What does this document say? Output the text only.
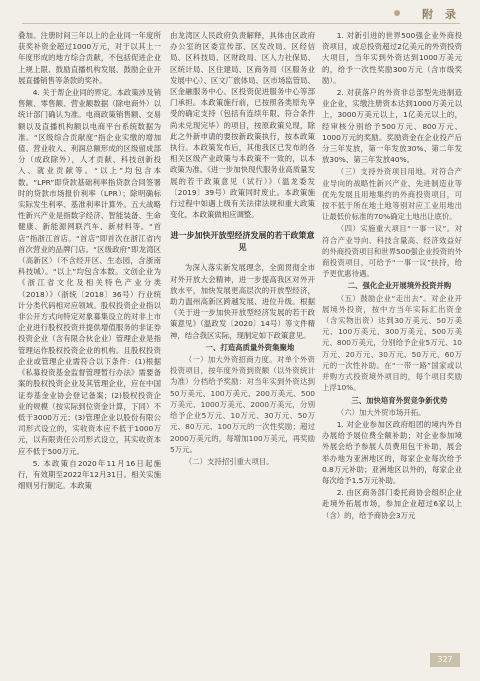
附 录

叠加。注册时间三年以上的企业同一年度所获奖补资金超过1000万元，对于以其上一年度形成的地方综合贡献，不包括促进企业上规上限、鼓励直播机构发展、鼓励企业开展直播销售等条款的奖补。

4. 关于帮企业同的界定。本政策涉及销售额、零售额、营业额数据（除电商外）以统计部门确认为准。电商政策销售额、交易额以及直播机构额以电商平台系统数据为准。“区级综合贡献度”指企业实缴的增加值、营业收入、利润总额形成的区级留成部分（成政除外），人才贡献、科技创新投入、就业贡献等。“以上”均包含本数。“LPR”即贷款基础利率指贷款合同签署时的贷款市场报价利率（LPR）；除明确标实际发生利率、基准利率计算外。五大战略性新兴产业是指数字经济、智能装备、生命健康、新能源网联汽车、新材料等。“首店”指浙江首店。“首店”即首次在浙江省内首次营业的品牌门店。“区级政府”即龙湾区（高新区）（不含经开区、生态园，含浙南科技城）。“以上”均包含本数。文创企业为《浙江省文化及相关特色产业分类（2018）》（浙统〔2018〕36号）行业统计分类代码相对应领域。股权投资企业指以非公开方式向特定对象募集设立的对非上市企业进行股权投资并提供增值服务的非证券投资企业（含有限合伙企业）管理企业是指管理运作股权投资企业的机构。且股权投资企业或管理企业需符合以下条件：(1)根据《私募投资基金监督管理暂行办法》需要备案的股权投资企业及其管理企业，应在中国证券基金业协会登记备案；(2)股权投资企业的规模（按实际到位资金计算，下同）不低于3000万元；(3)管理企业以股份有限公司形式设立的，实收资本应不低于1000万元，以有限责任公司形式设立，其实收资本应不低于500万元。

5. 本政策自2020年11月16日起施行，有效期至2022年12月31日。相关实施细则另行制定。本政策

由龙湾区人民政府负责解释，具体由区政府办公室的区委宣传部、区发改局、区经信局、区科技局、区财政局、区人力社保局、区统计局、区住建局、区商务局（区服务业发展中心）、区文广旅体局、区市场监管局、区金融服务中心、区投资促进服务中心等部门承担。本政策施行前，已按照各类原先享受的确定支持（包括有连续年限、符合条件尚未兑现完毕）的项目，按原政策兑现，除此之外新申请的要按新政策执行，按本政策执行。本政策发布后，其他我区已发布的各相关区级产业政策与本政策不一致的，以本政策为准。《进一步加快现代服务业高质量发展的若干政策意见（试行）》（温龙委发〔2019〕39号）政策同时废止。本政策施行过程中如遇上级有关法律法规和重大政策变化，本政策做相应调整。

进一步加快开放型经济发展的若干政策意见

为深入落实新发展理念，全面贯彻全市对外开放大会精神，进一步提高我区对外开放水平，加快发展更高层次的开放型经济，助力温州高新区跨越发展、进位升级。根据《关于进一步加快开放型经济发展的若干政策意见》（温政发〔2020〕14号）等文件精神，结合我区实际，现制定如下政策意见。

一、打造高质量外资集聚地

（一）加大外资招商力度。对单个外资投资项目，按年度外资到资额（以外资统计为准）分档给予奖励：对当年实到外资达到50万美元、100万美元、200万美元、500万美元、1000万美元、2000万美元，分别给予企业5万元、10万元、30万元、50万元、80万元、100万元的一次性奖励；超过2000万美元的，每增加100万美元，再奖励5万元。

（二）支持招引重大项目。

1. 对新引进的世界500强企业外商投资项目，或总投资超过2亿美元的外资投资大项目，当年实到外资达到1000万美元的，给予一次性奖励300万元（含市级奖励）。

2. 对获落户的外资非总部型先进制造业企业，实缴注册资本达到1000万美元以上，3000万美元以上，1亿美元以上的，经审核分别给予500万元、800万元、1000万元的奖励。奖励资金在企业投产后分三年发放，第一年发放30%、第二年发放30%、第三年发放40%。

（三）支持外资项目用地。对符合产业导向的战略性新兴产业、先进制造业等优先发展且用地集约的外商投资项目，可按不低于所在地土地等别对应工业用地出让最低价标准的70%确定土地出让底价。

（四）实施重大项目“一事一议”。对符合产业导向、科技含量高、经济效益好的外商投资项目和世界500强企业投资的外商投资项目，可给予“一事一议”扶持，给予更优惠待遇。

二、强化企业开展境外投资并购

（五）鼓励企业“走出去”。对企业开展境外投资，按中方当年实际汇出资金（含实物出资）达到30万美元、50万美元、100万美元、300万美元、500万美元、800万美元，分别给予企业5万元、10万元、20万元、30万元、50万元、60万元的一次性补助。在“一带一路”国家或以并购方式投资境外项目的，每个项目奖励上浮10%。

三、加快培育外贸竞争新优势

（六）加大外贸市场开拓。

1. 对企业参加区政府组团的境内外自办展给予展位费全额补助；对企业参加境外展会给予参展人员费用包干补助，展会举办地为亚洲地区的，每家企业每次给予0.8万元补助；亚洲地区以外的，每家企业每次给予1.5万元补助。

2. 由区商务部门委托商协会组织企业赴境外拓展市场，参加企业超过6家以上（含）的，给予商协会3万元

327
